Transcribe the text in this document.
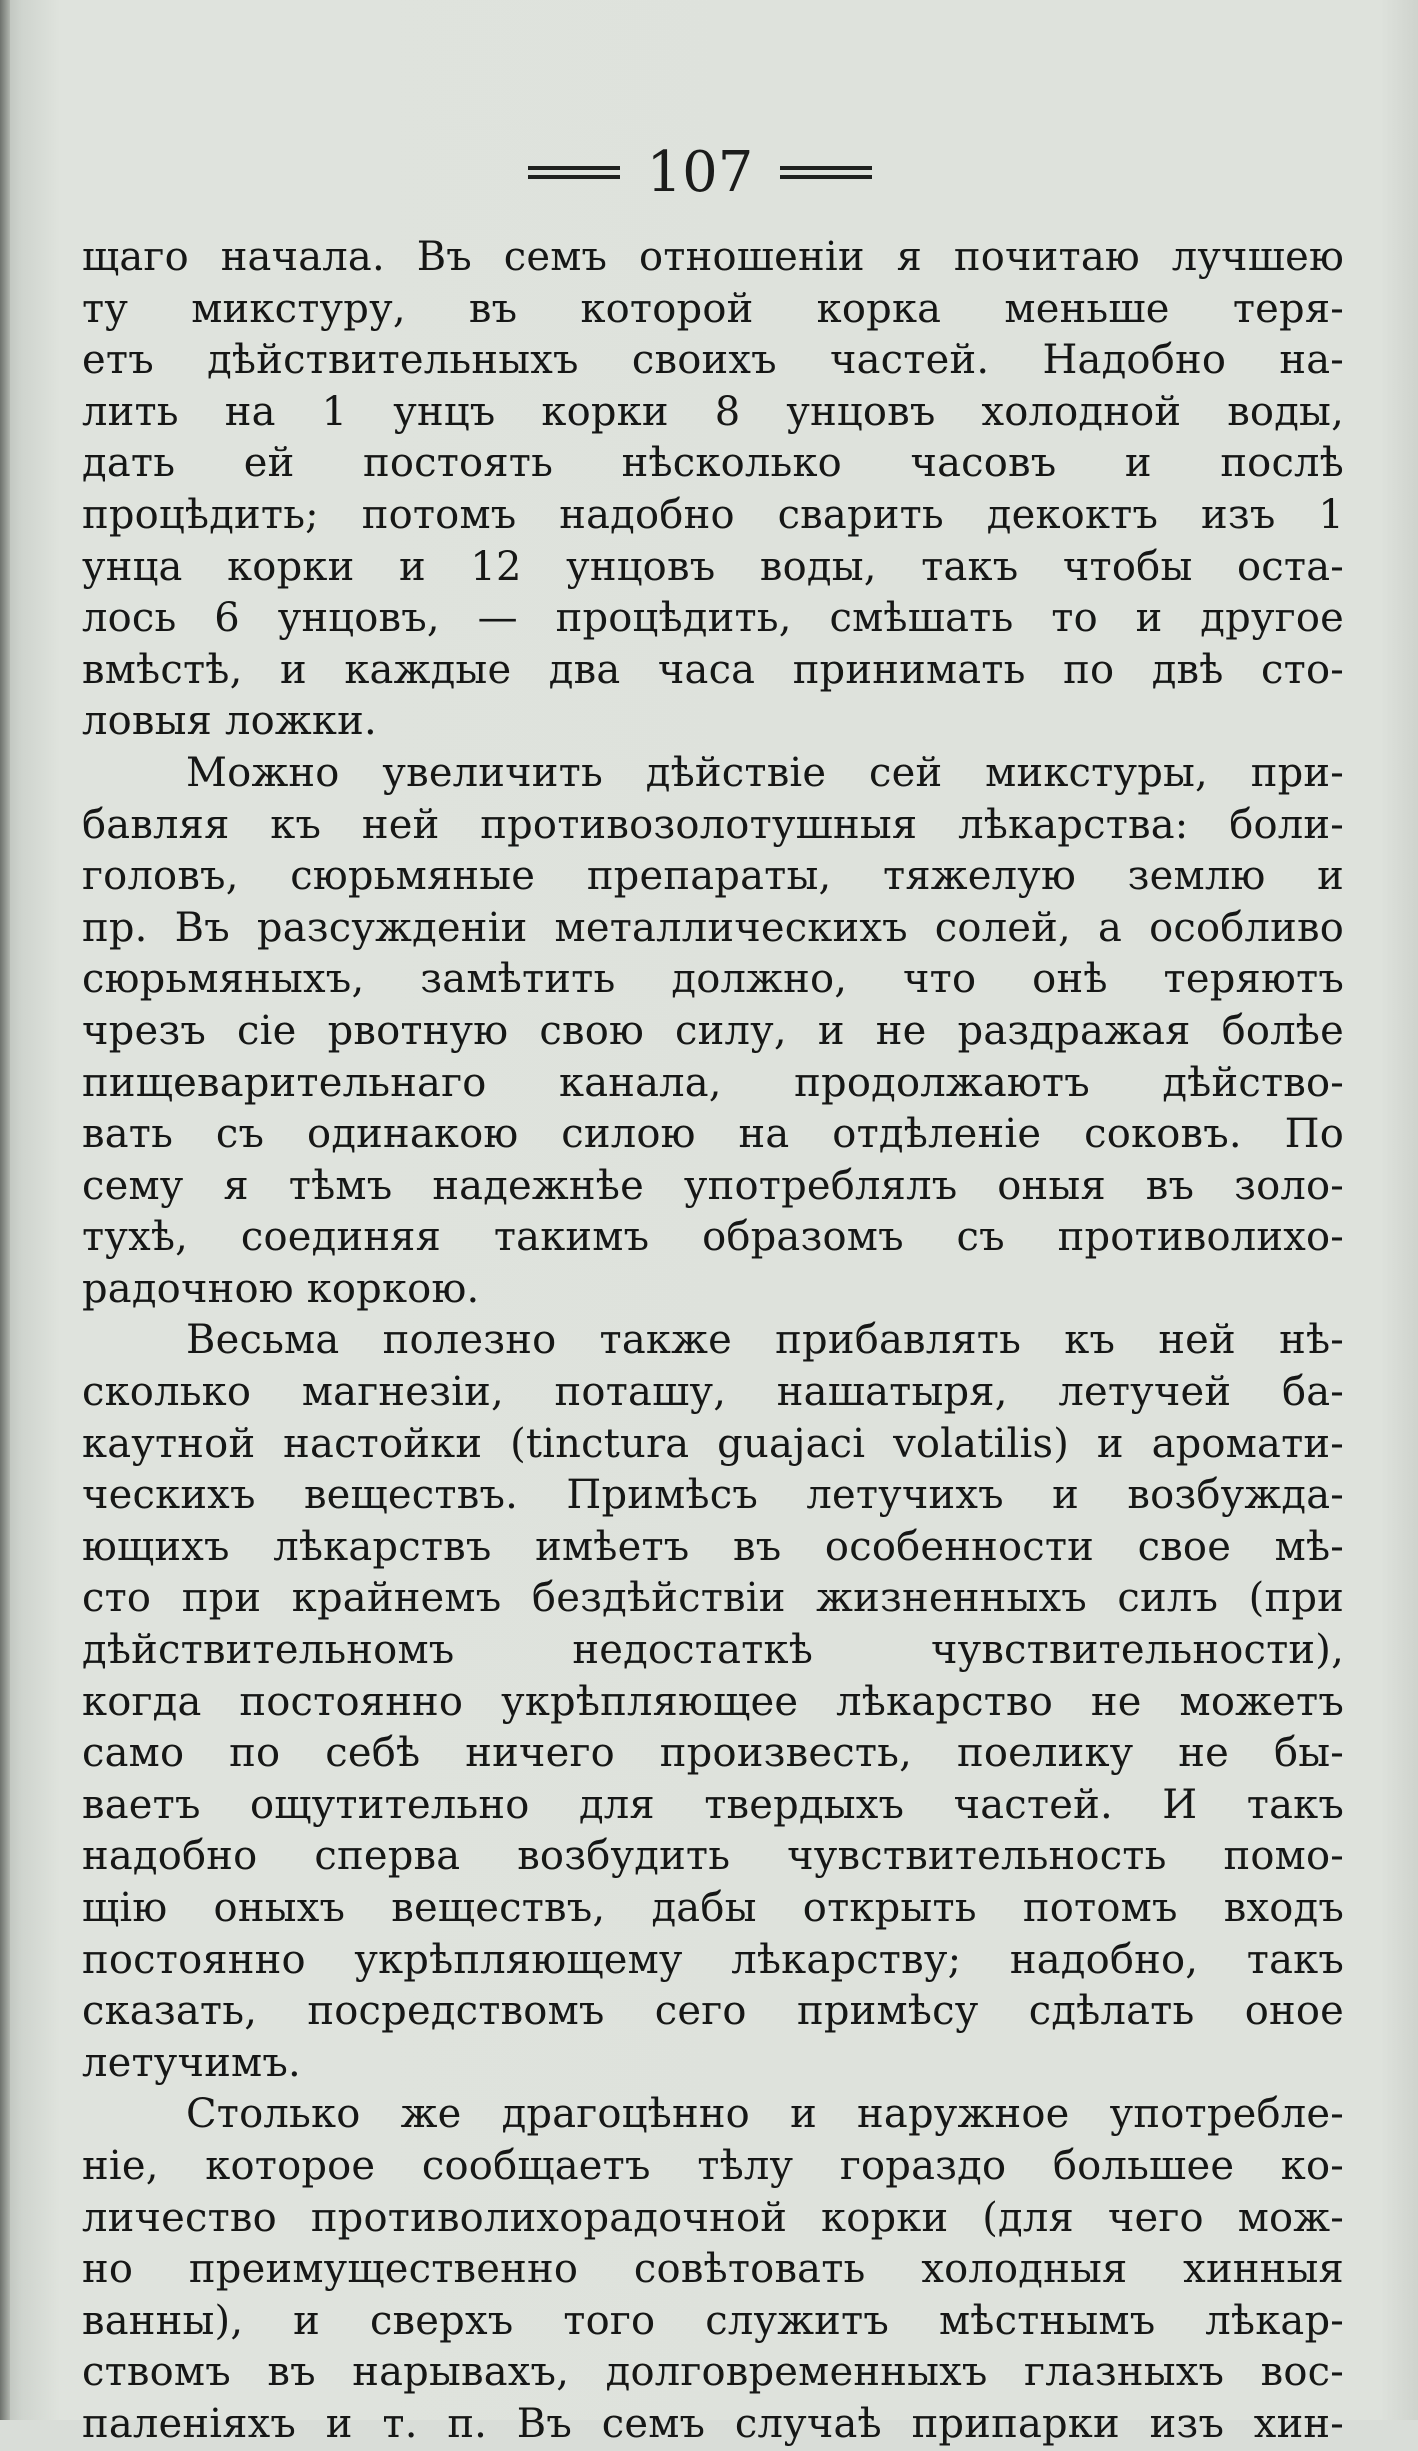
107
щаго начала. Въ семъ отношеніи я почитаю лучшею
ту микстуру, въ которой корка меньше теря-
етъ дѣйствительныхъ своихъ частей. Надобно на-
лить на 1 унцъ корки 8 унцовъ холодной воды,
дать ей постоять нѣсколько часовъ и послѣ
процѣдить; потомъ надобно сварить декоктъ изъ 1
унца корки и 12 унцовъ воды, такъ чтобы оста-
лось 6 унцовъ, — процѣдить, смѣшать то и другое
вмѣстѣ, и каждые два часа принимать по двѣ сто-
ловыя ложки.
Можно увеличить дѣйствіе сей микстуры, при-
бавляя къ ней противозолотушныя лѣкарства: боли-
головъ, сюрьмяные препараты, тяжелую землю и
пр. Въ разсужденіи металлическихъ солей, а особливо
сюрьмяныхъ, замѣтить должно, что онѣ теряютъ
чрезъ сіе рвотную свою силу, и не раздражая болѣе
пищеварительнаго канала, продолжаютъ дѣйство-
вать съ одинакою силою на отдѣленіе соковъ. По
сему я тѣмъ надежнѣе употреблялъ оныя въ золо-
тухѣ, соединяя такимъ образомъ съ противолихо-
радочною коркою.
Весьма полезно также прибавлять къ ней нѣ-
сколько магнезіи, поташу, нашатыря, летучей ба-
каутной настойки (tinctura guajaci volatilis) и аромати-
ческихъ веществъ. Примѣсъ летучихъ и возбужда-
ющихъ лѣкарствъ имѣетъ въ особенности свое мѣ-
сто при крайнемъ бездѣйствіи жизненныхъ силъ (при
дѣйствительномъ недостаткѣ чувствительности),
когда постоянно укрѣпляющее лѣкарство не можетъ
само по себѣ ничего произвесть, поелику не бы-
ваетъ ощутительно для твердыхъ частей. И такъ
надобно сперва возбудить чувствительность помо-
щію оныхъ веществъ, дабы открыть потомъ входъ
постоянно укрѣпляющему лѣкарству; надобно, такъ
сказать, посредствомъ сего примѣсу сдѣлать оное
летучимъ.
Столько же драгоцѣнно и наружное употребле-
ніе, которое сообщаетъ тѣлу гораздо большее ко-
личество противолихорадочной корки (для чего мож-
но преимущественно совѣтовать холодныя хинныя
ванны), и сверхъ того служитъ мѣстнымъ лѣкар-
ствомъ въ нарывахъ, долговременныхъ глазныхъ вос-
паленіяхъ и т. п. Въ семъ случаѣ припарки изъ хин-
